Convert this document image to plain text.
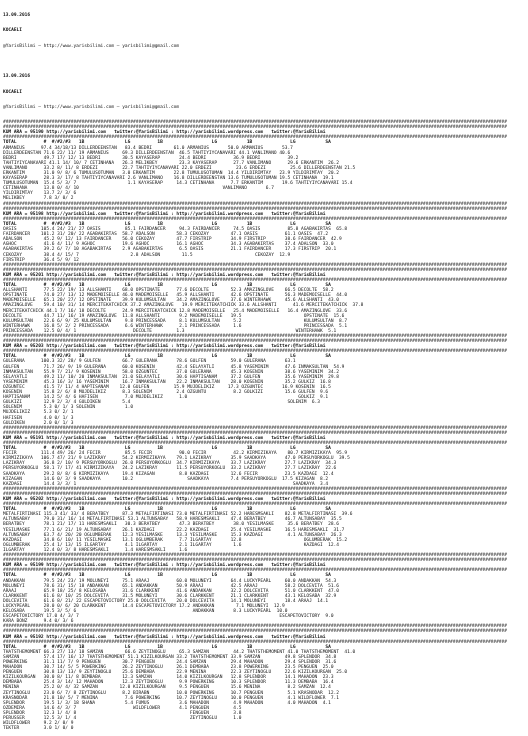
13.09.2016

KOCAELI

@YarisBilimi — http://www.yarisbilimi.com — yarisbilimi@gmail.com

13.09.2016

KOCAELI

@YarisBilimi — http://www.yarisbilimi.com — yarisbilimi@gmail.com

##########################################################################################################################################################################################
##########################################################################################################################################################################################
KUM ARA = 95190 http://yarisbilimi.com   twitter:@YarisBilimi : http://yarisbilimi.wordpress.com   twitter:@YarisBilimi
##########################################################################################################################################################################################
TOTAL          #  #/#2/#3   1B               LG          1B                  LG           1B              LG           SA
ARMANIUS      97.4 34/18/13 DILLERDEENSTAN   83.4 BEDRI        61.0 ARMANIUS       50.0 ARMANIUS       53.7
DILLERDEENSTAN 71.6 22/ 11/ 19 ARMANIUS     69.3 DILLERDEENSTAN  46.5 TAHTIYIYCANAVARI 44.1 VANLIMANO 40.6
BEDRI          49.7 17/ 12/ 13 BEDRI        30.5 KAYASERAP       24.4 BEDRI          36.9 BEDRI          39.2
TAHTIYIYCANAVARI 41.1 14/ 10/ 7 CETINHANA   26.3 MELIKBEY        23.3 KAYASERAP      27.7 VANLIMANO      29.6 ERKANTIM  26.2
VANLIMANO      33.2 8/ 11/ 8 ERDEZI         22.7 TAHTIYIYCANAVARI 22.0 ERDEZI         23.6 ERDEZI         25.6 DILLERDEENSTAN 21.5
ERKANTIM       31.0 9/ 8/ 6 TUMULUSOTUMAN   3.0 ERKANTIM       22.8 TUMULUSOTUMAN  14.4 YILDIRIMTAY   23.9 YILDIRIMTAY  20.2
KAYASERAP      28.3 3/ 17/ 8 TAHTIYIYCANAVARI 2.6 VANLIMANO    16.8 DILLERDEENSTAN 13.6 TUMULUSOTUMAN 19.5 CETINHANA  19.1
TUMULUSOTUMAN  15.4 5/ 3/ 7                   1.1 KAYASERAP     14.3 CETINHANA      7.7 ERKANTIM       19.6 TAHTIYIYCANAVARI 15.4
CETINHANA      13.8 0/ 4/ 10                                                     VANLIMANO       6.7
YILDIRIMTAY    13.7 2/ 3/ 6
MELIKBEY       7.8 3/ 0/ 2
##########################################################################################################################################################################################
##########################################################################################################################################################################################
KUM ARA = 95198 http://yarisbilimi.com   twitter:@YarisBilimi : http://yarisbilimi.wordpress.com   twitter:@YarisBilimi
##########################################################################################################################################################################################
TOTAL          #  #/#2/#3   1B               LG          1B                  LG           1B              LG           SA
OASIS         105.4 24/ 21/ 27 OASIS         85.1 FAIRDANCER     94.3 FAIRDANCER     74.5 OASIS          85.8 AGABAKIRTAS  65.8
FAIRDANCER    101.2 31/ 20/ 22 AGABAKIRTAS  58.7 ADALSON        58.3 CEKOZAY        47.1 OASIS          61.1 OASIS  47.2
ADALSON        45.2 9/ 12/ 13 FAIRDANCER    56.0 CEKOZAY        47.7 FIRSTRIP       34.9 FIRSTRIP       38.6 FAIRDANCER  42.9
AGHOC          41.6 4/ 11/ 9 AGHOC          19.6 AGHOC          16.1 AGHOC          34.3 AGABAKIRTAS    37.4 ADALSON  33.0
AGABAKIRTAS    39.2 6/ 7/ 10 AGABAKIRTAS    2.9 AGABAKIRTAS      6.5 OASIS          21.1 FAIRDANCER     17.3 FIRSTRIP  20.1
CEKOZAY        38.4 4/ 15/ 7                   2.8 ADALSON        11.5                       CEKOZAY  12.9
FIRSTRIP       36.4 5/ 9/ 12
##########################################################################################################################################################################################
##########################################################################################################################################################################################
KUM ARA = 95201 http://yarisbilimi.com   twitter:@YarisBilimi : http://yarisbilimi.wordpress.com   twitter:@YarisBilimi
##########################################################################################################################################################################################
TOTAL          #  #/#2/#3   1B               LG          1B                  LG           1B              LG           SA
ALLSHANTI      77.5 22/ 19/ 13 ALLSHANTI    68.0 OPSTINATE      77.6 DECOLTE        52.3 AMAZINGLOVE    66.5 DECOLTE  58.2
OPSTINATE      74.0 27/ 13/ 12 MADEMOISELLE 46.0 MADEMOISELLE   45.9 ALLSHANTI      42.6 OPSTINATE      56.3 MADEMOISELLE  44.0
MADEMOISELLE   65.1 20/ 27/ 12 OPSTINATE    39.9 KULUMSULTAN    34.2 AMAZINGLOVE    37.6 WINTERHAWK     45.6 ALLSHANTI  43.0
AMAZINGLOVE    59.4 10/ 31/ 14 MERCITEKATCHICK 37.2 AMAZINGLOVE   19.9 MERCITEKATCHICK 33.6 ALLSHANTI      41.6 MERCITEKATCHICK  37.8
MERCITEKATCHICK 44.1 7/ 16/ 18 DECOLTE      24.9 MERCITEKATCHICK 12.8 MADEMOISELLE   25.4 MADEMOISELLE   16.4 AMAZINGLOVE  33.6
DECOLTE        44.7 11/ 16/ 19 AMAZINGLOVE  11.8 ALLSHANTI       9.2 MADEMOISELLE   19.5                       OPSTINATE  15.6
KULUMSULTAN    22.6 6/ 9/ 25 KULUMSULTAN     9.8 PRINCESSADA     8.1 KULUMSULTAN     5.2                       KULUMSULTAN  8.7
WINTERHAWK     16.8 5/ 2/ 2 PRINCESSADA      6.6 WINTERHAWK      2.1 PRINCESSADA     1.6                       PRINCESSADA  5.1
PRINCESSADA    12.5 0/ 4/ 1                     DECOLTE         1.3                                         WINTERHAWK  5.1
##########################################################################################################################################################################################
##########################################################################################################################################################################################
KUM ARA = 95203 http://yarisbilimi.com   twitter:@YarisBilimi : http://yarisbilimi.wordpress.com   twitter:@YarisBilimi
##########################################################################################################################################################################################
TOTAL          #  #/#2/#3   1B               LG          1B                  LG           1B              LG           SA
GULERANA      100.3 32/ 28/ 9 GULFEN        66.7 GULERANA       78.6 GULFEN         59.0 GULERANA       63.1
GULFEN         71.7 26/ 9/ 19 GULERANA      60.0 KOSENIN        42.4 SELAYATLI      45.8 YASEMINIM      47.6 INMAKSULTAN  54.9
INMAKSULTAN    55.9 7/ 21/ 9 KOSENIN        58.0 OZGUNTEC       37.0 GULERANA       45.3 KOSENIN        38.6 YASEMINIM  34.2
SELAYATLI      49.2 11/ 10/ 20 INMAKSULTAN  21.0 SELAYATLI      30.6 HAPTISANAM     37.2 GULFEN         35.6 YASEMINIM  29.8
YASEMINIM      45.3 16/ 3/ 16 YASEMINIM     16.7 INMAKSULTAN    22.2 INMAKSULTAN    28.0 KOSENIN        35.2 GULKIZ  16.8
OZGUNTEC       41.5 7/ 11/ 4 HAPTISANAM    12.0 GULFEN         15.9 MUJDELIKIZ     17.3 OZGUNTEC       16.9 KOSENIN  16.5
KOSENIN        15.8 2/ 6/ 8 MUJDELIKIZ      8.3 SOLENIM         2.4 OZGUNTU          8.2 GOLKIZI        15.6 GULFEN  9.6
HAPTISANAM     14.2 5/ 4/ 6 HAFISEN          7.0 MUJDELIKIZ      1.0                                         GOLKIZ  9.1
GULKIZI        12.9 2/ 3/ 4 GULDIKEN        5.4                                                          SOLENIM  6.3
SOLENIM        5.3 0/ 1/ 3 SOLENIN           1.0
MUJDELIKIZ     5.3 0/ 2/ 1
HAFISEN        4.0 0/ 1/ 3
GULDIKEN       2.0 0/ 1/ 3
##########################################################################################################################################################################################
##########################################################################################################################################################################################
KUM ARA = 95191 http://yarisbilimi.com   twitter:@YarisBilimi : http://yarisbilimi.wordpress.com   twitter:@YarisBilimi
##########################################################################################################################################################################################
TOTAL          #  #/#2/#3   1B               LG          1B                  LG           1B              LG           SA
FECIR         111.4 49/ 26/ 24 FECIR         85.5 FECIR          90.0 FECIR          42.2 KIRMIZIKAYA    80.7 KIRMIZIKAYA  95.9
KIRMIZIKAYA   106.7 47/ 21/ 9 LAZIKRAY      54.2 KIRMIZIKAYA    79.1 LAZIKRAY       35.9 SAADKAYA       47.0 PERSUYORKOGLU  39.5
LAZIKRAY       36.8 2/ 10/ 9 PERSUYORKOGLU  26.0 PERSUYORKOGLU  34.7 KIRMIZIKAYA    33.7 LAZIKRAY       27.7 LAZIKRAY  34.3
PERSUYORKOGLU  58.1 7/ 17/ 41 KIRMIZIKAYA   24.2 LAZIKRAY       11.5 PERSUYORKOGLU  33.2 LAZIKRAY       27.7 LAZIKRAY  22.6
SAADKAYA       29.2 8/ 8/ 6 KIRMIZIKAYA     19.4 KIZAGAN         8.8 KAZDAGI        12.6 FECIR          23.5 KAZDAGI  12.4
KIZAGAN        14.6 0/ 3/ 9 SAADKAYA        10.2                    SAADKAYA        7.4 PERSUYORKOGLU  17.5 KIZAGAN  8.2
KAZDAGI        14.4 3/ 3/ 1                                                                                SAADKAYA  3.4
##########################################################################################################################################################################################
##########################################################################################################################################################################################
KUM ARA = 95202 http://yarisbilimi.com   twitter:@YarisBilimi : http://yarisbilimi.wordpress.com   twitter:@YarisBilimi
##########################################################################################################################################################################################
TOTAL          #  #/#2/#3   1B               LG          1B                  LG           1B              LG           SA
METALFIRTINASI 115.3 41/ 33/ 4 BERATBEY     87.3 METALFIRTINASI 73.0 METALFIRTINASI 52.2 HARESMSAKLI    82.8 METALFIRTINASI  39.6
ALTUNSABAY     79.0 31/ 16/ 14 METALFIRTINASI 53.1 ALTUNSABAY   58.9 HARESMSAKLI    47.4 BERATBEY       46.7 ALTUNSABAY  35.5
BERATBEY       78.1 21/ 17/ 11 HARESMSAKLI   30.3 BERATBEY       47.3 BERATBEY       38.0 YESILMASKE     35.6 BERATBEY  28.6
YESILMASKE     77.1 6/ 21/ 19 ALTUNSABAY    26.1 KAZDAGI        22.2 KAZDAGI        25.4 YESILMASKE     16.5 HARESMSAKLI  31.7
ALTUNSABAY     63.7 4/ 20/ 20 OGLUMBERAK    12.3 YESILMASKE     13.3 YESILMASKE     15.3 KAZDAGI         4.1 ALTUNSABAY  26.3
KAZDAGI        34.8 6/ 10/ 11 YESILMASKE    13.1 OGLUMBERAK      7.7 ILGARTAY       12.8                       OGLUMBERAK  15.2
OGLUMBERAK     25.4 1/ 13/ 15 ILGARTAY       4.1 ILGARTAY        2.1 ILGARTAY        1.6                       KAZDAGI  12.4
ILGARTAY       12.4 0/ 3/ 8 HARESMSAKLI      1.4 HARESMSAKLI     1.6
##########################################################################################################################################################################################
##########################################################################################################################################################################################
KUM ARA = 95199 http://yarisbilimi.com   twitter:@YarisBilimi : http://yarisbilimi.wordpress.com   twitter:@YarisBilimi
##########################################################################################################################################################################################
TOTAL          #  #/#2/#3   1B               LG          1B                  LG           1B              LG           SA
ANDAKKAN       79.5 24/ 23/ 19 MOLUNEYI     75.1 ARAAJ          60.0 MOLUNEYI       64.4 LUCKYPEARL     60.0 ANDAKKAN  54.3
MOLUNEYI       78.6 31/ 15/ 18 ANDAKKAN     65.1 ANDAKKAN       50.9 ARAAJ          42.5 ARAAJ          58.2 DOLCEVITA  51.6
ARAAJ          65.9 18/ 25/ 8 KELOSABA      31.6 CLARKKENT      41.6 ANDAKKAN       32.2 DOLCEVITA      51.0 CLARKKENT  47.0
CLARKKENT      61.6 8/ 10/ 25 DOLCEVITA     31.5 MOLUNEYI       30.6 CLARKKENT      21.1 CLARKKENT      43.1 KELOSABA  32.9
DOLCEVITA      61.6 8/ 21/ 22 ESCAPETOVICTORY 25.0 DOLCEVITA    20.0 DOLCEVITA      14.1 MOLUNEYI       18.4 ARAAJ  14.1
LUCKYPEARL     28.0 0/ 6/ 20 CLARKKENT      14.4 ESCAPETOVICTORY 17.2 ANDAKKAN        7.1 MOLUNEYI  12.9
KELOSABA       19.5 3/ 5/ 6                                           ANDAKKAN       8.3 LUCKYPEARL  10.0
ESCAPETOVICTORY 17.0 4/ 3/ 7                                                                          ESCAPETOVICTORY  9.0
KARA BONZ      9.4 0/ 3/ 6
##########################################################################################################################################################################################
##########################################################################################################################################################################################
KUM ARA = 95192 http://yarisbilimi.com   twitter:@YarisBilimi : http://yarisbilimi.wordpress.com   twitter:@YarisBilimi
##########################################################################################################################################################################################
TOTAL          #  #/#2/#3   1B               LG          1B                  LG           1B              LG           SA
THATSTHEMOMENT 66.3 27/ 13/ 18 SAMZAN        66.6 ZEYTINOGLU     65.3 SAMZAN         44.2 THATSTHEMOMENT 41.0 THATSTHEMOMENT  41.0
SAMZAN         57.4 17/ 16/ 17 THATSTHEMOMENT 51.1 KIZILKOURGAN 33.2 THATSTHEMOMENT 33.9 SAMZAN         49.8 SPLENDOR  34.8
POWERKING      31.1 11/ 7/ 9 PENGUEN        30.7 PENGUEN        24.4 SAMZAN         29.4 MAHADON        29.4 SPLENDOR  31.6
MAHADON        30.7 14/ 5/ 5 POWERKING      26.2 ZEYTINOGLU     26.1 DEMBABA        23.8 POWERKING      23.5 PENGUEN  25.0
PENGUEN        30.8 13/ 13/ 9 ZEYTINOGLU    25.6 DEMBABA        22.9 MENINA         22.3 ZEYTINOGLU     22.6 KIZILKOURGAN  25.0
KIZILKOURGAN   30.0 8/ 11/ 8 DEMBABA        12.3 SAMZAN         14.0 KIZILKOURGAN   12.8 SPLENDOR       14.1 MAHADON  23.3
DEMBABA        25.4 3/ 14/ 12 MAHADON       12.3 ZEYTINOGLU      9.9 POWERKING      10.3 SPLENDOR       11.3 DEMBABA  16.4
MENINA         25.2 0/ 4/ 32 SAMZAN        12.0 KIZILKOURGAN     9.5 PENGUEN        15.6 MENINA          8.2 SAMZAN  12.4
ZEYTINOGLU     23.0 6/ 7/ 8 ZEYTINOGLU      8.2 BIRABN          10.0 POWERKING      10.7 PENGUEN         5.1 KRASNODAR  12.2
KRASNODAR      21.8 10/ 5/ 7 MENINA          7.6 POWERKING      10.7 ZEYTINOGLU     10.0 PENGUEN         4.1 WILDFLOWER  7.1
SPLENDOR       19.5 1/ 3/ 18 SHANA           5.4 FUMUS           3.6 MAHADON         4.9 MAHADON         4.0 MAHADON  4.1
OZDEMIRA       14.6 4/ 3/ 7                     WILDFLOWER       4.1 PENGUEN         4.5
SPLENDOR       12.3 1/ 4/ 8                                          FENGUEN         3.8
PERUSSER       12.5 3/ 1/ 4                                          ZEYTINOGLU      1.0
WILDFLOWER     9.2 2/ 0/ 9
TEKTER         3.0 1/ 0/ 0
